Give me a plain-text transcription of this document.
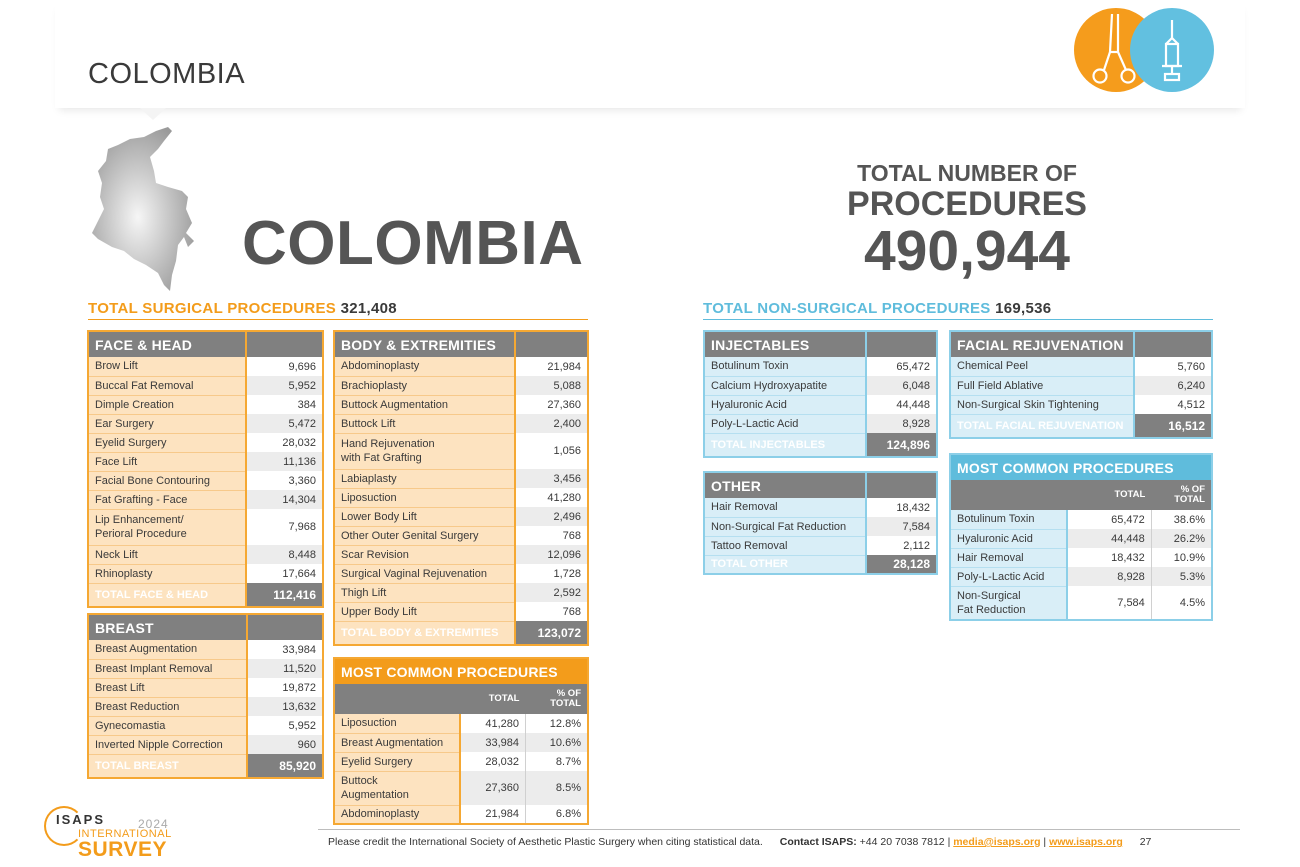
COLOMBIA
COLOMBIA
TOTAL NUMBER OF
PROCEDURES
490,944
TOTAL SURGICAL PROCEDURES 321,408	TOTAL NON-SURGICAL PROCEDURES 169,536
FACE & HEAD	
Brow Lift	9,696
Buccal Fat Removal	5,952
Dimple Creation	384
Ear Surgery	5,472
Eyelid Surgery	28,032
Face Lift	11,136
Facial Bone Contouring	3,360
Fat Grafting - Face	14,304
Lip Enhancement/
Perioral Procedure	7,968
Neck Lift	8,448
Rhinoplasty	17,664
TOTAL FACE & HEAD	112,416
BREAST	
Breast Augmentation	33,984
Breast Implant Removal	11,520
Breast Lift	19,872
Breast Reduction	13,632
Gynecomastia	5,952
Inverted Nipple Correction	960
TOTAL BREAST	85,920
BODY & EXTREMITIES	
Abdominoplasty	21,984
Brachioplasty	5,088
Buttock Augmentation	27,360
Buttock Lift	2,400
Hand Rejuvenation
with Fat Grafting	1,056
Labiaplasty	3,456
Liposuction	41,280
Lower Body Lift	2,496
Other Outer Genital Surgery	768
Scar Revision	12,096
Surgical Vaginal Rejuvenation	1,728
Thigh Lift	2,592
Upper Body Lift	768
TOTAL BODY & EXTREMITIES	123,072
MOST COMMON PROCEDURES		
	TOTAL	% OF
TOTAL
Liposuction	41,280	12.8%
Breast Augmentation	33,984	10.6%
Eyelid Surgery	28,032	8.7%
Buttock
Augmentation	27,360	8.5%
Abdominoplasty	21,984	6.8%
INJECTABLES	
Botulinum Toxin	65,472
Calcium Hydroxyapatite	6,048
Hyaluronic Acid	44,448
Poly-L-Lactic Acid	8,928
TOTAL INJECTABLES	124,896
OTHER	
Hair Removal	18,432
Non-Surgical Fat Reduction	7,584
Tattoo Removal	2,112
TOTAL OTHER	28,128
FACIAL REJUVENATION	
Chemical Peel	5,760
Full Field Ablative	6,240
Non-Surgical Skin Tightening	4,512
TOTAL FACIAL REJUVENATION	16,512
MOST COMMON PROCEDURES		
	TOTAL	% OF
TOTAL
Botulinum Toxin	65,472	38.6%
Hyaluronic Acid	44,448	26.2%
Hair Removal	18,432	10.9%
Poly-L-Lactic Acid	8,928	5.3%
Non-Surgical
Fat Reduction	7,584	4.5%
ISAPS	2024
INTERNATIONAL
SURVEY	Please credit the International Society of Aesthetic Plastic Surgery when citing statistical data. Contact ISAPS: +44 20 7038 7812 | media@isaps.org | www.isaps.org 27
